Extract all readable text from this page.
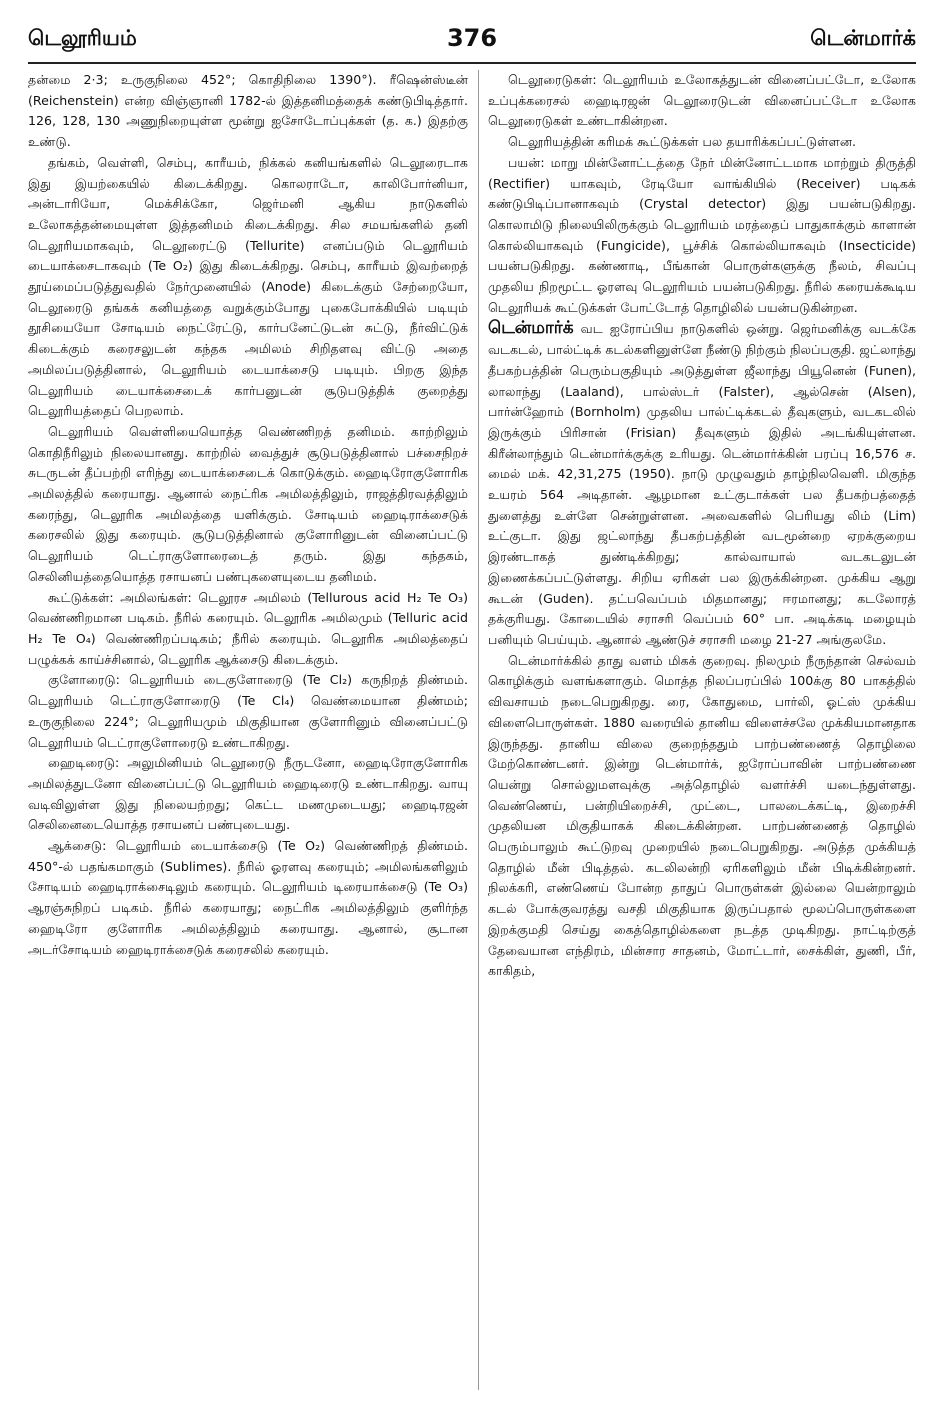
டெலூரியம்	376	டென்மார்க்

தன்மை 2·3; உருகுநிலை 452°; கொதிநிலை 1390°). ரீஷென்ஸ்டீன் (Reichenstein) என்ற விஞ்ஞானி 1782-ல் இத்தனிமத்தைக் கண்டுபிடித்தார். 126, 128, 130 அணுநிறையுள்ள மூன்று ஐசோடோப்புக்கள் (த. க.) இதற்கு உண்டு.

தங்கம், வெள்ளி, செம்பு, காரீயம், நிக்கல் கனியங்களில் டெலூரைடாக இது இயற்கையில் கிடைக்கிறது. கொலராடோ, காலிபோர்னியா, அன்டாரியோ, மெக்சிக்கோ, ஜெர்மனி ஆகிய நாடுகளில் உலோகத்தன்மையுள்ள இத்தனிமம் கிடைக்கிறது. சில சமயங்களில் தனி டெலூரியமாகவும், டெலூரைட்டு (Tellurite) எனப்படும் டெலூரியம் டையாக்சைடாகவும் (Te O₂) இது கிடைக்கிறது. செம்பு, காரீயம் இவற்றைத் தூய்மைப்படுத்துவதில் நேர்முனையில் (Anode) கிடைக்கும் சேற்றையோ, டெலூரைடு தங்கக் கனியத்தை வறுக்கும்போது புகைபோக்கியில் படியும் தூசியையோ சோடியம் நைட்ரேட்டு, கார்பனேட்டுடன் சுட்டு, நீர்விட்டுக் கிடைக்கும் கரைசலுடன் கந்தக அமிலம் சிறிதளவு விட்டு அதை அமிலப்படுத்தினால், டெலூரியம் டையாக்சைடு படியும். பிறகு இந்த டெலூரியம் டையாக்சைடைக் கார்பனுடன் சூடுபடுத்திக் குறைத்து டெலூரியத்தைப் பெறலாம்.

டெலூரியம் வெள்ளியையொத்த வெண்ணிறத் தனிமம். காற்றிலும் கொதிநீரிலும் நிலையானது. காற்றில் வைத்துச் சூடுபடுத்தினால் பச்சைநிறச் சுடருடன் தீப்பற்றி எரிந்து டையாக்சைடைக் கொடுக்கும். ஹைடிரோகுளோரிக அமிலத்தில் கரையாது. ஆனால் நைட்ரிக அமிலத்திலும், ராஜத்திரவத்திலும் கரைந்து, டெலூரிக அமிலத்தை யளிக்கும். சோடியம் ஹைடிராக்சைடுக் கரைசலில் இது கரையும். சூடுபடுத்தினால் குளோரினுடன் வினைப்பட்டு டெலூரியம் டெட்ராகுளோரைடைத் தரும். இது கந்தகம், செலினியத்தையொத்த ரசாயனப் பண்புகளையுடைய தனிமம்.

கூட்டுக்கள்: அமிலங்கள்: டெலூரச அமிலம் (Tellurous acid H₂ Te O₃) வெண்ணிறமான படிகம். நீரில் கரையும். டெலூரிக அமிலமும் (Telluric acid H₂ Te O₄) வெண்ணிறப்படிகம்; நீரில் கரையும். டெலூரிக அமிலத்தைப் பழுக்கக் காய்ச்சினால், டெலூரிக ஆக்சைடு கிடைக்கும்.

குளோரைடு: டெலூரியம் டைகுளோரைடு (Te Cl₂) கருநிறத் திண்மம். டெலூரியம் டெட்ராகுளோரைடு (Te Cl₄) வெண்மையான திண்மம்; உருகுநிலை 224°; டெலூரியமும் மிகுதியான குளோரினும் வினைப்பட்டு டெலூரியம் டெட்ராகுளோரைடு உண்டாகிறது.

ஹைடிரைடு: அலுமினியம் டெலூரைடு நீருடனோ, ஹைடிரோகுளோரிக அமிலத்துடனோ வினைப்பட்டு டெலூரியம் ஹைடிரைடு உண்டாகிறது. வாயு வடிவிலுள்ள இது நிலையற்றது; கெட்ட மணமுடையது; ஹைடிரஜன் செலினைடையொத்த ரசாயனப் பண்புடையது.

ஆக்சைடு: டெலூரியம் டையாக்சைடு (Te O₂) வெண்ணிறத் திண்மம். 450°-ல் பதங்கமாகும் (Sublimes). நீரில் ஓரளவு கரையும்; அமிலங்களிலும் சோடியம் ஹைடிராக்சைடிலும் கரையும். டெலூரியம் டிரையாக்சைடு (Te O₃) ஆரஞ்சுநிறப் படிகம். நீரில் கரையாது; நைட்ரிக அமிலத்திலும் குளிர்ந்த ஹைடிரோ குளோரிக அமிலத்திலும் கரையாது. ஆனால், சூடான அடர்சோடியம் ஹைடிராக்சைடுக் கரைசலில் கரையும்.

டெலூரைடுகள்: டெலூரியம் உலோகத்துடன் வினைப்பட்டோ, உலோக உப்புக்கரைசல் ஹைடிரஜன் டெலூரைடுடன் வினைப்பட்டோ உலோக டெலூரைடுகள் உண்டாகின்றன.

டெலூரியத்தின் கரிமக் கூட்டுக்கள் பல தயாரிக்கப்பட்டுள்ளன.

பயன்: மாறு மின்னோட்டத்தை நேர் மின்னோட்டமாக மாற்றும் திருத்தி (Rectifier) யாகவும், ரேடியோ வாங்கியில் (Receiver) படிகக் கண்டுபிடிப்பானாகவும் (Crystal detector) இது பயன்படுகிறது. கொலாமிடு நிலையிலிருக்கும் டெலூரியம் மரத்தைப் பாதுகாக்கும் காளான் கொல்லியாகவும் (Fungicide), பூச்சிக் கொல்லியாகவும் (Insecticide) பயன்படுகிறது. கண்ணாடி, பீங்கான் பொருள்களுக்கு நீலம், சிவப்பு முதலிய நிறமூட்ட ஓரளவு டெலூரியம் பயன்படுகிறது. நீரில் கரையக்கூடிய டெலூரியக் கூட்டுக்கள் போட்டோத் தொழிலில் பயன்படுகின்றன.

டென்மார்க் வட ஐரோப்பிய நாடுகளில் ஒன்று. ஜெர்மனிக்கு வடக்கே வடகடல், பால்ட்டிக் கடல்களினுள்ளே நீண்டு நிற்கும் நிலப்பகுதி. ஜட்லாந்து தீபகற்பத்தின் பெரும்பகுதியும் அடுத்துள்ள ஜீலாந்து பியூனென் (Funen), லாலாந்து (Laaland), பால்ஸ்டர் (Falster), ஆல்சென் (Alsen), பார்ன்ஹோம் (Bornholm) முதலிய பால்ட்டிக்கடல் தீவுகளும், வடகடலில் இருக்கும் பிரிசான் (Frisian) தீவுகளும் இதில் அடங்கியுள்ளன. கிரீன்லாந்தும் டென்மார்க்குக்கு உரியது. டென்மார்க்கின் பரப்பு 16,576 ச. மைல் மக். 42,31,275 (1950). நாடு முழுவதும் தாழ்நிலவெளி. மிகுந்த உயரம் 564 அடிதான். ஆழமான உட்குடாக்கள் பல தீபகற்பத்தைத் துளைத்து உள்ளே சென்றுள்ளன. அவைகளில் பெரியது லிம் (Lim) உட்குடா. இது ஜட்லாந்து தீபகற்பத்தின் வடமூன்றை ஏறக்குறைய இரண்டாகத் துண்டிக்கிறது; கால்வாயால் வடகடலுடன் இணைக்கப்பட்டுள்ளது. சிறிய ஏரிகள் பல இருக்கின்றன. முக்கிய ஆறு கூடன் (Guden). தட்பவெப்பம் மிதமானது; ஈரமானது; கடலோரத் தக்குரியது. கோடையில் சராசரி வெப்பம் 60° பா. அடிக்கடி மழையும் பனியும் பெய்யும். ஆனால் ஆண்டுச் சராசரி மழை 21-27 அங்குலமே.

டென்மார்க்கில் தாது வளம் மிகக் குறைவு. நிலமும் நீருந்தான் செல்வம் கொழிக்கும் வளங்களாகும். மொத்த நிலப்பரப்பில் 100க்கு 80 பாகத்தில் விவசாயம் நடைபெறுகிறது. ரை, கோதுமை, பார்லி, ஓட்ஸ் முக்கிய விளைபொருள்கள். 1880 வரையில் தானிய விளைச்சலே முக்கியமானதாக இருந்தது. தானிய விலை குறைந்ததும் பாற்பண்ணைத் தொழிலை மேற்கொண்டனர். இன்று டென்மார்க், ஐரோப்பாவின் பாற்பண்ணை யென்று சொல்லுமளவுக்கு அத்தொழில் வளர்ச்சி யடைந்துள்ளது. வெண்ணெய், பன்றியிறைச்சி, முட்டை, பாலடைக்கட்டி, இறைச்சி முதலியன மிகுதியாகக் கிடைக்கின்றன. பாற்பண்ணைத் தொழில் பெரும்பாலும் கூட்டுறவு முறையில் நடைபெறுகிறது. அடுத்த முக்கியத் தொழில் மீன் பிடித்தல். கடலிலன்றி ஏரிகளிலும் மீன் பிடிக்கின்றனர். நிலக்கரி, எண்ணெய் போன்ற தாதுப் பொருள்கள் இல்லை யென்றாலும் கடல் போக்குவரத்து வசதி மிகுதியாக இருப்பதால் மூலப்பொருள்களை இறக்குமதி செய்து கைத்தொழில்களை நடத்த முடிகிறது. நாட்டிற்குத் தேவையான எந்திரம், மின்சார சாதனம், மோட்டார், சைக்கிள், துணி, பீர், காகிதம்,
